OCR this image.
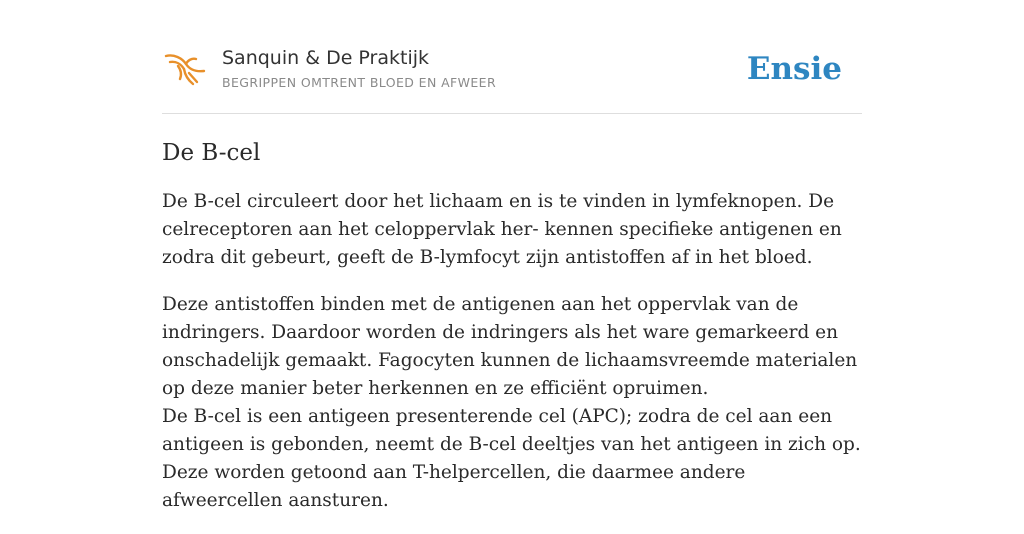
Sanquin & De Praktijk
BEGRIPPEN OMTRENT BLOED EN AFWEER	Ensie
De B-cel

De B-cel circuleert door het lichaam en is te vinden in lymfeknopen. De celreceptoren aan het celoppervlak her- kennen specifieke antigenen en zodra dit gebeurt, geeft de B-lymfocyt zijn antistoffen af in het bloed.

Deze antistoffen binden met de antigenen aan het oppervlak van de indringers. Daardoor worden de indringers als het ware gemarkeerd en onschadelijk gemaakt. Fagocyten kunnen de lichaamsvreemde materialen op deze manier beter herkennen en ze efficiënt opruimen.

De B-cel is een antigeen presenterende cel (APC); zodra de cel aan een antigeen is gebonden, neemt de B-cel deeltjes van het antigeen in zich op. Deze worden getoond aan T-helpercellen, die daarmee andere afweercellen aansturen.
